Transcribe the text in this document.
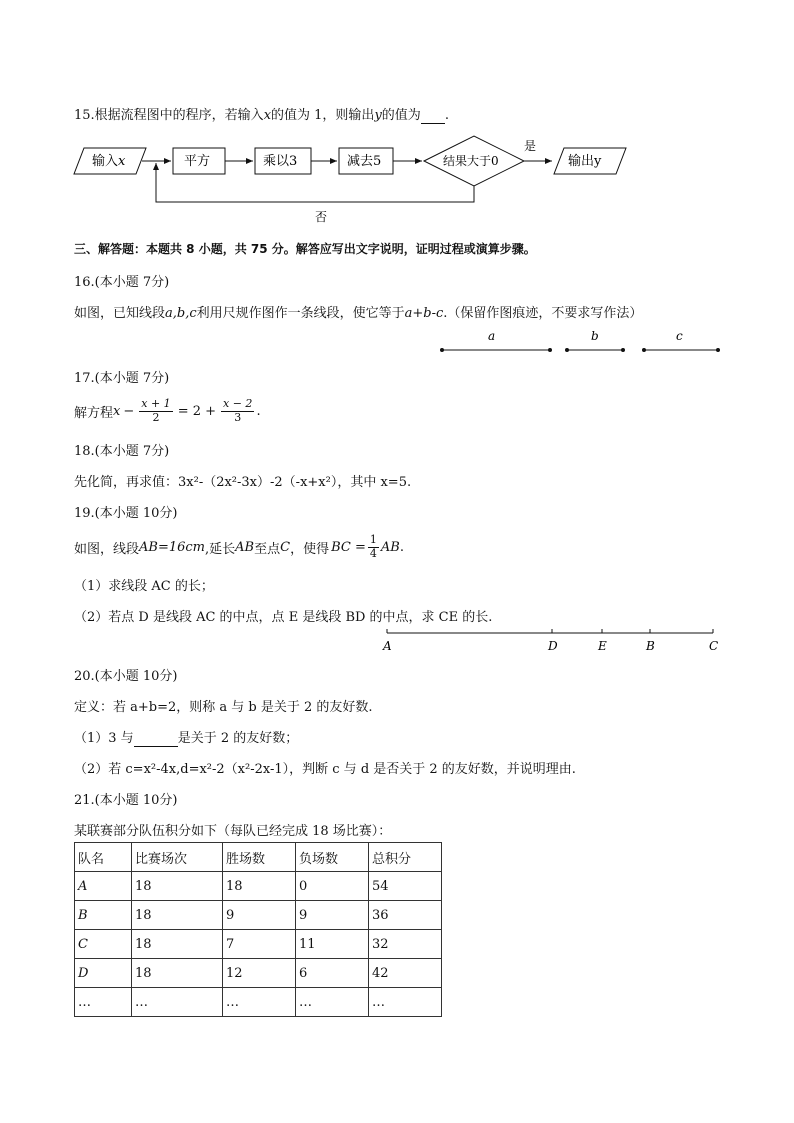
15.根据流程图中的程序，若输入x的值为 1，则输出y的值为 .
输入x	平方	乘以3	减去5	结果大于0
是
输出y
否
三、解答题：本题共 8 小题，共 75 分。解答应写出文字说明，证明过程或演算步骤。
16.(本小题 7分)
如图，已知线段a,b,c利用尺规作图作一条线段，使它等于a+b-c.（保留作图痕迹，不要求写作法）
a	b	c
17.(本小题 7分)
解方程 $x - \frac{x + 1}{2} = 2 + \frac{x - 2}{3}$ .
18.(本小题 7分)
先化简，再求值：3x²-（2x²-3x）-2（-x+x²），其中 x=5.
19.(本小题 10分)
如图，线段 AB=16cm ,延长 AB 至点 C ，使得 BC = $\frac{1}{4}$ AB .
（1）求线段 AC 的长；
（2）若点 D 是线段 AC 的中点，点 E 是线段 BD 的中点，求 CE 的长.
A	D	E	B	C
20.(本小题 10分)
定义：若 a+b=2，则称 a 与 b 是关于 2 的友好数.
（1）3 与	是关于 2 的友好数；
（2）若 c=x²-4x,d=x²-2（x²-2x-1），判断 c 与 d 是否关于 2 的友好数，并说明理由.
21.(本小题 10分)
某联赛部分队伍积分如下（每队已经完成 18 场比赛）：
队名	比赛场次	胜场数	负场数	总积分
A	18	18	0	54
B	18	9	9	36
C	18	7	11	32
D	18	12	6	42
…	…	…	…	…
